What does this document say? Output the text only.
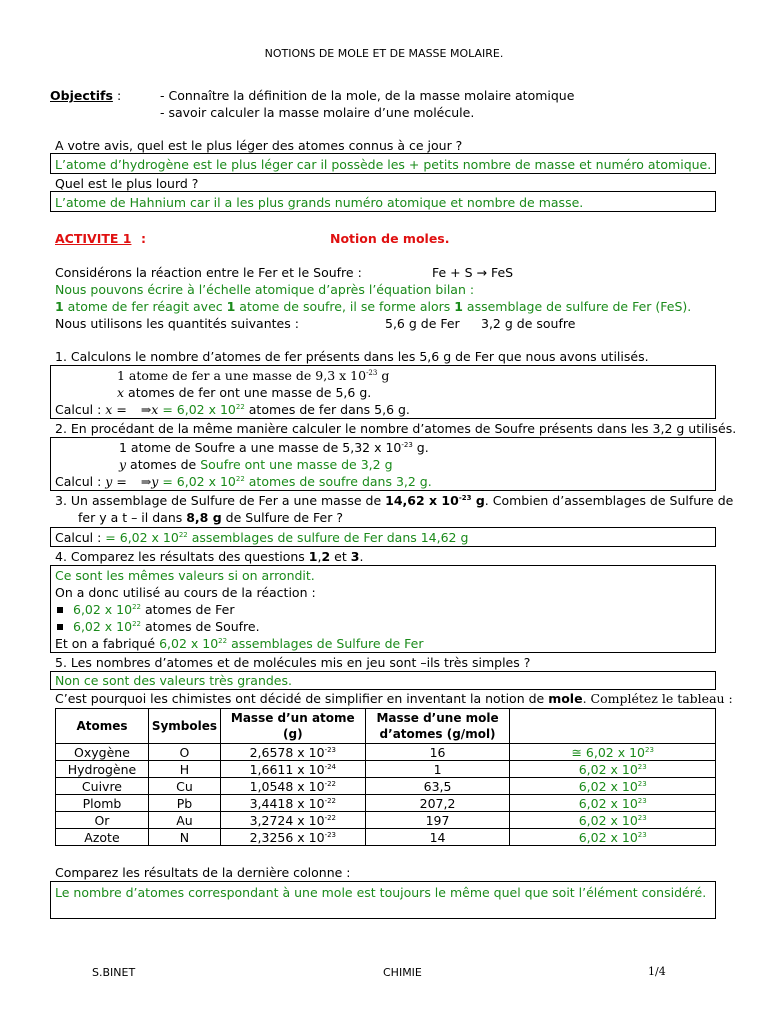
NOTIONS DE MOLE ET DE MASSE MOLAIRE.
Objectifs :	- Connaître la définition de la mole, de la masse molaire atomique
- savoir calculer la masse molaire d’une molécule.
A votre avis, quel est le plus léger des atomes connus à ce jour ?
L’atome d’hydrogène est le plus léger car il possède les + petits nombre de masse et numéro atomique.
Quel est le plus lourd ?
L’atome de Hahnium car il a les plus grands numéro atomique et nombre de masse.
ACTIVITE 1 :	Notion de moles.
Considérons la réaction entre le Fer et le Soufre :	Fe + S → FeS
Nous pouvons écrire à l’échelle atomique d’après l’équation bilan :
1 atome de fer réagit avec 1 atome de soufre, il se forme alors 1 assemblage de sulfure de Fer (FeS).
Nous utilisons les quantités suivantes :	5,6 g de Fer 3,2 g de soufre
1. Calculons le nombre d’atomes de fer présents dans les 5,6 g de Fer que nous avons utilisés.
1 atome de fer a une masse de 9,3 x $10^{-23}$ g
x atomes de fer ont une masse de 5,6 g.
Calcul : x = ⇒x = 6,02 x $10^{22}$ atomes de fer dans 5,6 g.
2. En procédant de la même manière calculer le nombre d’atomes de Soufre présents dans les 3,2 g utilisés.
1 atome de Soufre a une masse de 5,32 x $10^{-23}$ g.
y atomes de Soufre ont une masse de 3,2 g
Calcul : y = ⇒y = 6,02 x $10^{22}$ atomes de soufre dans 3,2 g.
3. Un assemblage de Sulfure de Fer a une masse de 14,62 x $10^{-23}$ g. Combien d’assemblages de Sulfure de
fer y a t – il dans 8,8 g de Sulfure de Fer ?
Calcul : = 6,02 x $10^{22}$ assemblages de sulfure de Fer dans 14,62 g
4. Comparez les résultats des questions 1,2 et 3.
Ce sont les mêmes valeurs si on arrondit.
On a donc utilisé au cours de la réaction :
6,02 x $10^{22}$ atomes de Fer
6,02 x $10^{22}$ atomes de Soufre.
Et on a fabriqué 6,02 x $10^{22}$ assemblages de Sulfure de Fer
5. Les nombres d’atomes et de molécules mis en jeu sont –ils très simples ?
Non ce sont des valeurs très grandes.
C’est pourquoi les chimistes ont décidé de simplifier en inventant la notion de mole. Complétez le tableau :
Atomes	Symboles	Masse d’un atome (g)	Masse d’une mole d’atomes (g/mol)	
Oxygène	O	2,6578 x $10^{-23}$	16	≅ 6,02 x $10^{23}$
Hydrogène	H	1,6611 x $10^{-24}$	1	6,02 x $10^{23}$
Cuivre	Cu	1,0548 x $10^{-22}$	63,5	6,02 x $10^{23}$
Plomb	Pb	3,4418 x $10^{-22}$	207,2	6,02 x $10^{23}$
Or	Au	3,2724 x $10^{-22}$	197	6,02 x $10^{23}$
Azote	N	2,3256 x $10^{-23}$	14	6,02 x $10^{23}$
Comparez les résultats de la dernière colonne :
Le nombre d’atomes correspondant à une mole est toujours le même quel que soit l’élément considéré.
S.BINET	CHIMIE	1/4
